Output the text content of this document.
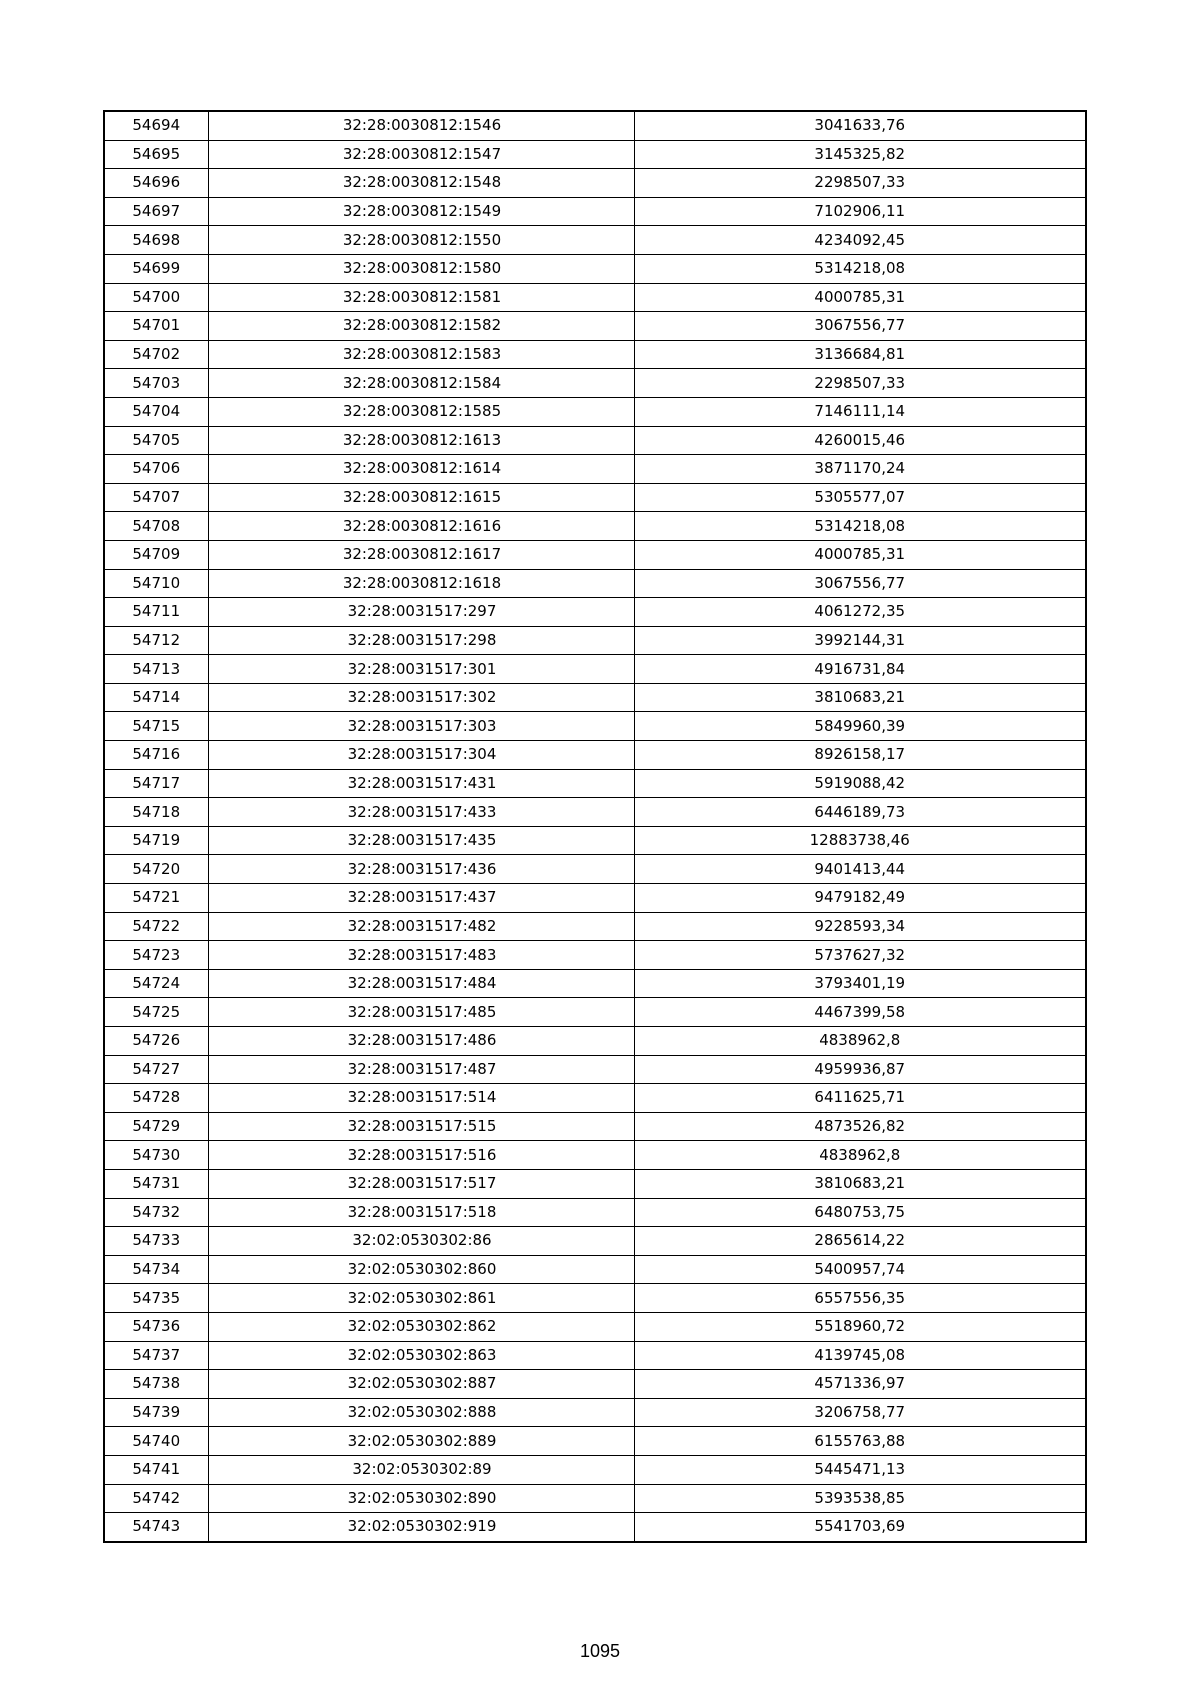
54694	32:28:0030812:1546	3041633,76
54695	32:28:0030812:1547	3145325,82
54696	32:28:0030812:1548	2298507,33
54697	32:28:0030812:1549	7102906,11
54698	32:28:0030812:1550	4234092,45
54699	32:28:0030812:1580	5314218,08
54700	32:28:0030812:1581	4000785,31
54701	32:28:0030812:1582	3067556,77
54702	32:28:0030812:1583	3136684,81
54703	32:28:0030812:1584	2298507,33
54704	32:28:0030812:1585	7146111,14
54705	32:28:0030812:1613	4260015,46
54706	32:28:0030812:1614	3871170,24
54707	32:28:0030812:1615	5305577,07
54708	32:28:0030812:1616	5314218,08
54709	32:28:0030812:1617	4000785,31
54710	32:28:0030812:1618	3067556,77
54711	32:28:0031517:297	4061272,35
54712	32:28:0031517:298	3992144,31
54713	32:28:0031517:301	4916731,84
54714	32:28:0031517:302	3810683,21
54715	32:28:0031517:303	5849960,39
54716	32:28:0031517:304	8926158,17
54717	32:28:0031517:431	5919088,42
54718	32:28:0031517:433	6446189,73
54719	32:28:0031517:435	12883738,46
54720	32:28:0031517:436	9401413,44
54721	32:28:0031517:437	9479182,49
54722	32:28:0031517:482	9228593,34
54723	32:28:0031517:483	5737627,32
54724	32:28:0031517:484	3793401,19
54725	32:28:0031517:485	4467399,58
54726	32:28:0031517:486	4838962,8
54727	32:28:0031517:487	4959936,87
54728	32:28:0031517:514	6411625,71
54729	32:28:0031517:515	4873526,82
54730	32:28:0031517:516	4838962,8
54731	32:28:0031517:517	3810683,21
54732	32:28:0031517:518	6480753,75
54733	32:02:0530302:86	2865614,22
54734	32:02:0530302:860	5400957,74
54735	32:02:0530302:861	6557556,35
54736	32:02:0530302:862	5518960,72
54737	32:02:0530302:863	4139745,08
54738	32:02:0530302:887	4571336,97
54739	32:02:0530302:888	3206758,77
54740	32:02:0530302:889	6155763,88
54741	32:02:0530302:89	5445471,13
54742	32:02:0530302:890	5393538,85
54743	32:02:0530302:919	5541703,69
1095
